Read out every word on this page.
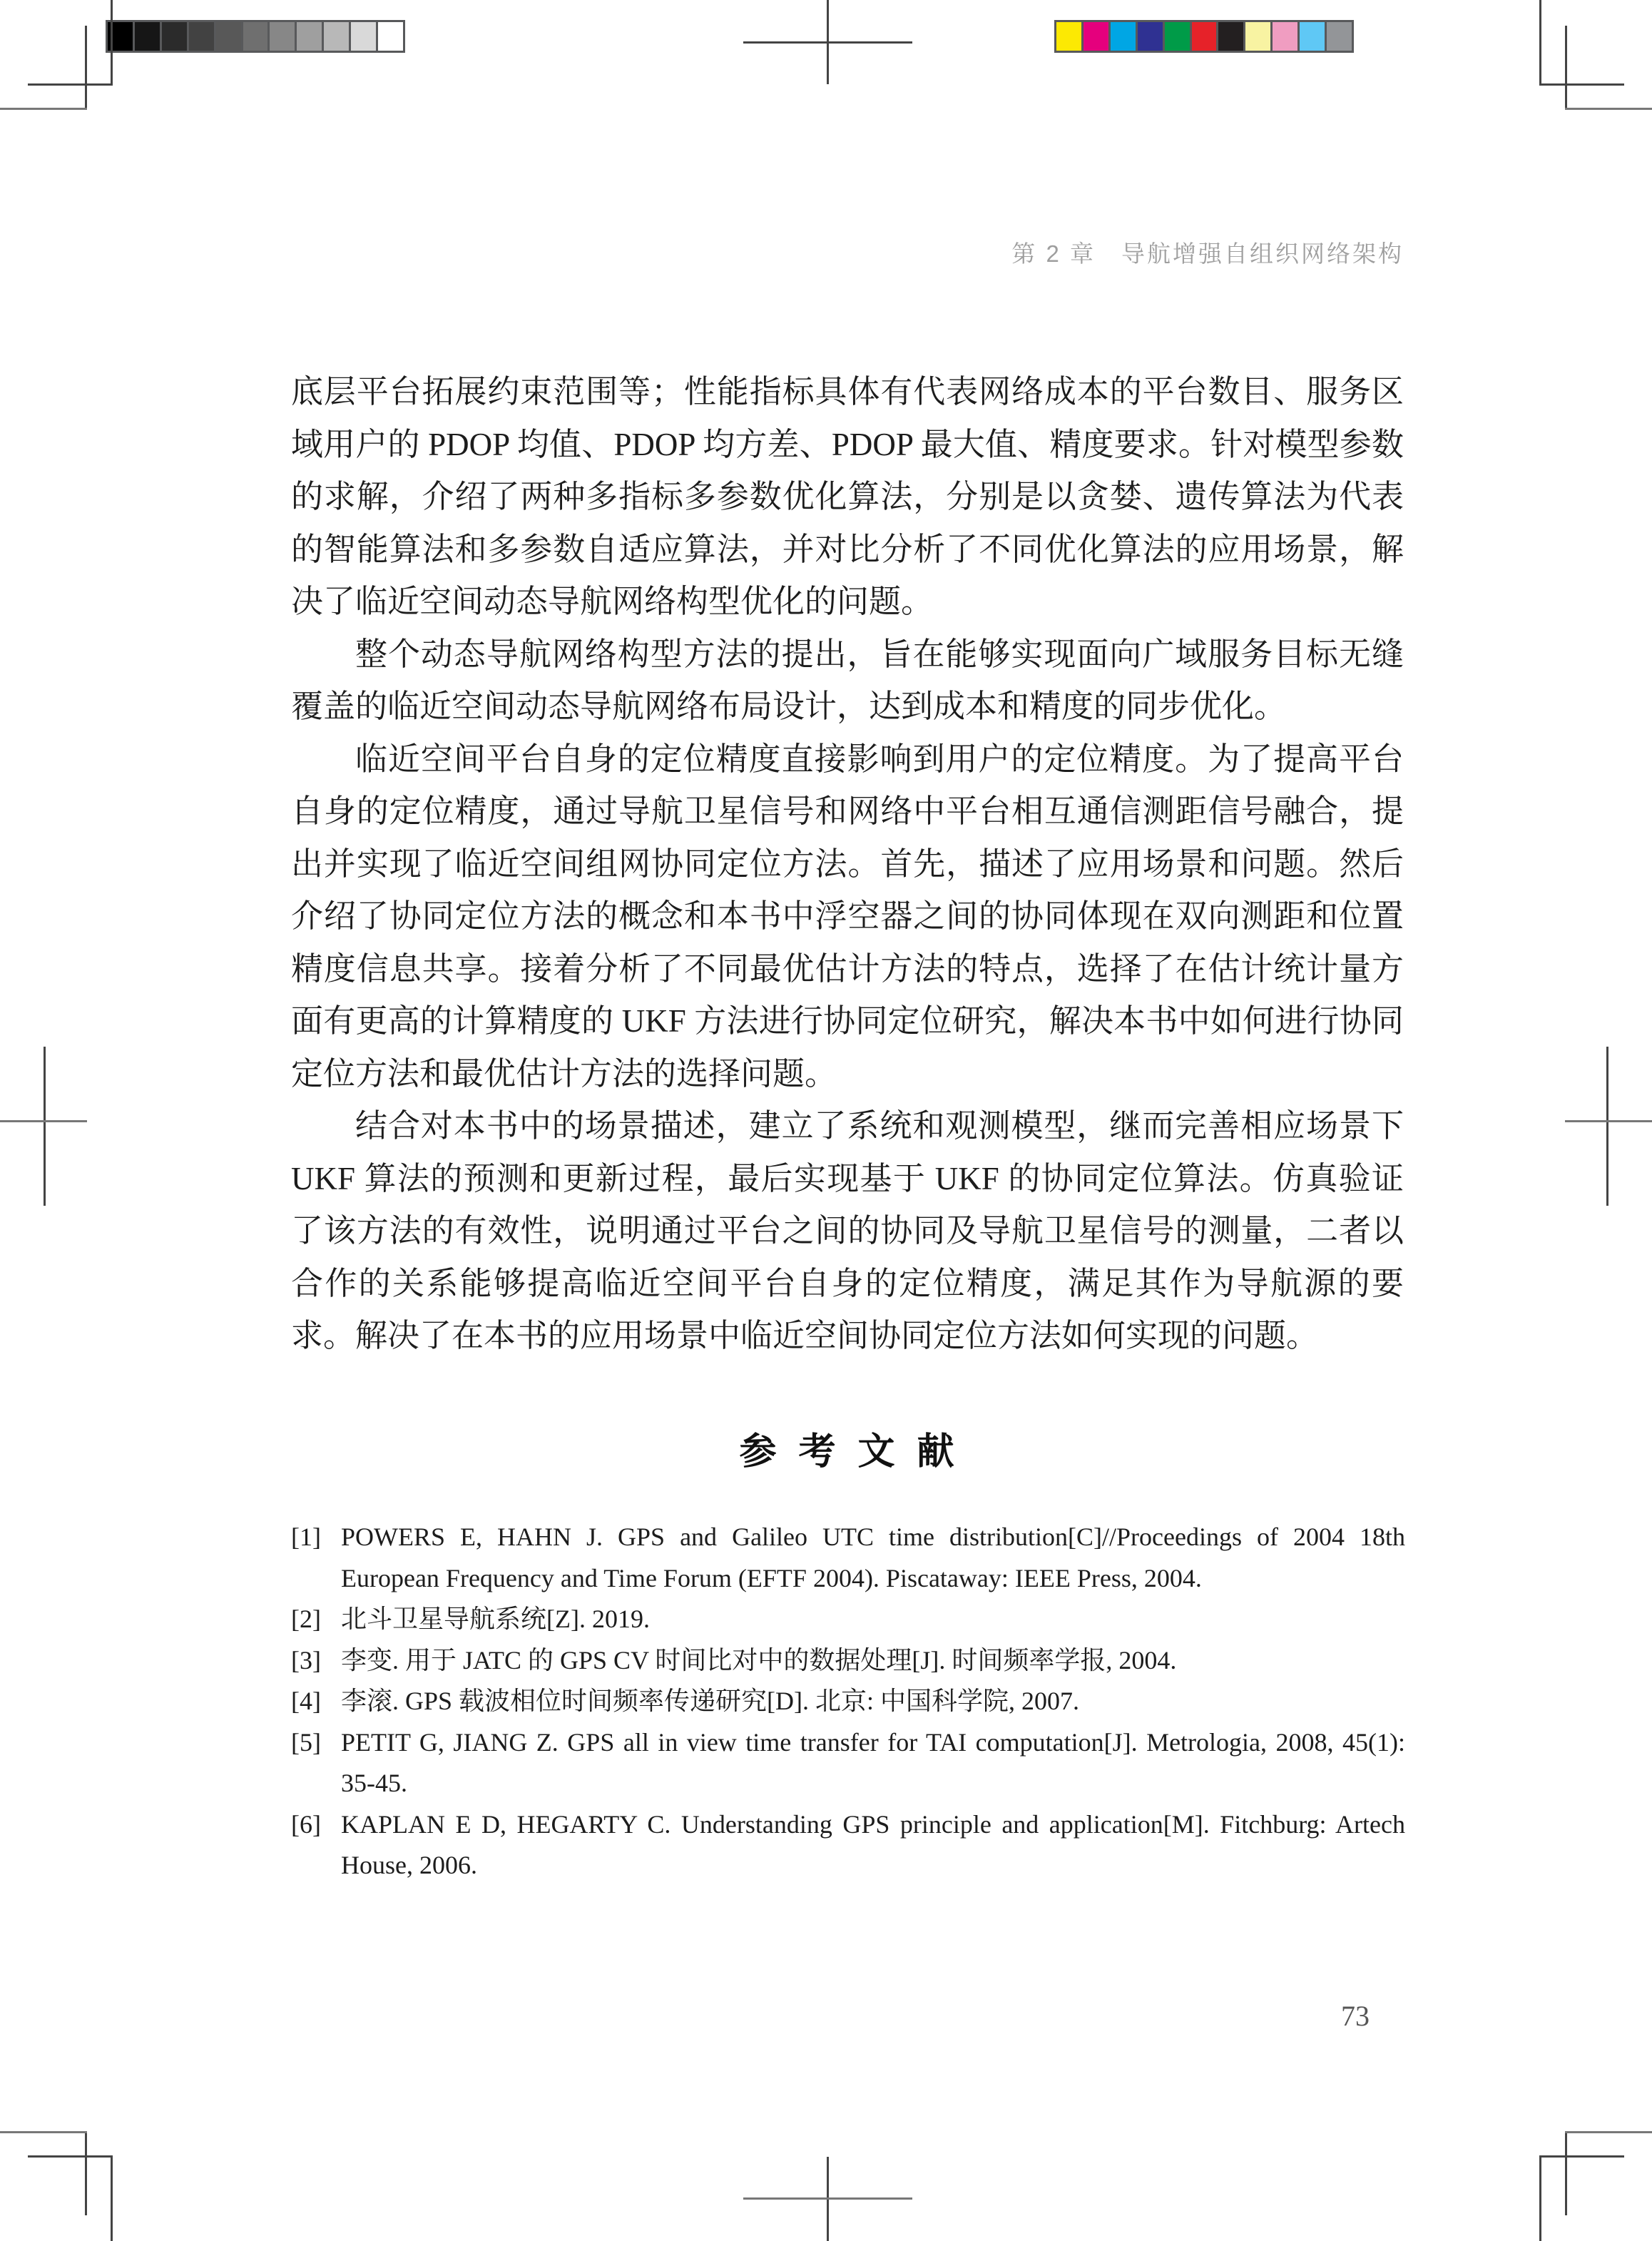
第 2 章　导航增强自组织网络架构

底层平台拓展约束范围等；性能指标具体有代表网络成本的平台数目、服务区域用户的 PDOP 均值、PDOP 均方差、PDOP 最大值、精度要求。针对模型参数的求解，介绍了两种多指标多参数优化算法，分别是以贪婪、遗传算法为代表的智能算法和多参数自适应算法，并对比分析了不同优化算法的应用场景，解决了临近空间动态导航网络构型优化的问题。

整个动态导航网络构型方法的提出，旨在能够实现面向广域服务目标无缝覆盖的临近空间动态导航网络布局设计，达到成本和精度的同步优化。

临近空间平台自身的定位精度直接影响到用户的定位精度。为了提高平台自身的定位精度，通过导航卫星信号和网络中平台相互通信测距信号融合，提出并实现了临近空间组网协同定位方法。首先，描述了应用场景和问题。然后介绍了协同定位方法的概念和本书中浮空器之间的协同体现在双向测距和位置精度信息共享。接着分析了不同最优估计方法的特点，选择了在估计统计量方面有更高的计算精度的 UKF 方法进行协同定位研究，解决本书中如何进行协同定位方法和最优估计方法的选择问题。

结合对本书中的场景描述，建立了系统和观测模型，继而完善相应场景下 UKF 算法的预测和更新过程，最后实现基于 UKF 的协同定位算法。仿真验证了该方法的有效性，说明通过平台之间的协同及导航卫星信号的测量，二者以合作的关系能够提高临近空间平台自身的定位精度，满足其作为导航源的要求。解决了在本书的应用场景中临近空间协同定位方法如何实现的问题。

参 考 文 献

[1] POWERS E, HAHN J. GPS and Galileo UTC time distribution[C]//Proceedings of 2004 18th European Frequency and Time Forum (EFTF 2004). Piscataway: IEEE Press, 2004.

[2] 北斗卫星导航系统[Z]. 2019.

[3] 李变. 用于 JATC 的 GPS CV 时间比对中的数据处理[J]. 时间频率学报, 2004.

[4] 李滚. GPS 载波相位时间频率传递研究[D]. 北京: 中国科学院, 2007.

[5] PETIT G, JIANG Z. GPS all in view time transfer for TAI computation[J]. Metrologia, 2008, 45(1): 35-45.

[6] KAPLAN E D, HEGARTY C. Understanding GPS principle and application[M]. Fitchburg: Artech House, 2006.

73
